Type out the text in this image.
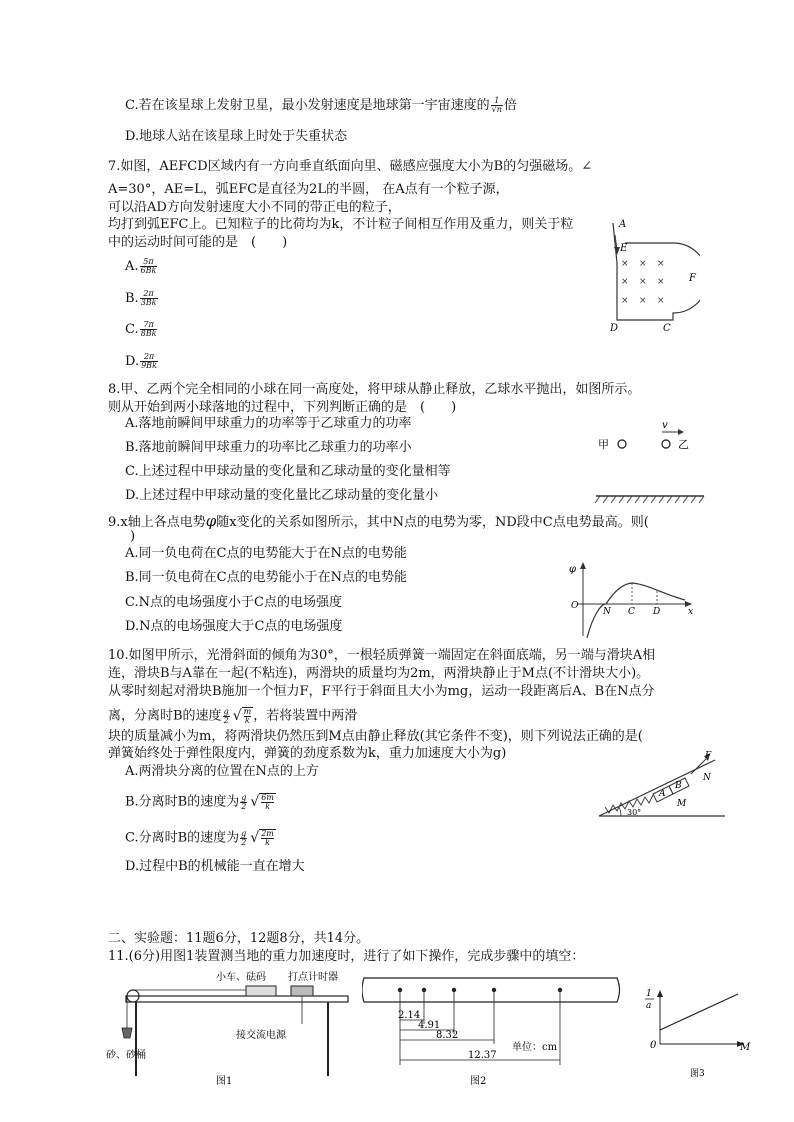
C.若在该星球上发射卫星，最小发射速度是地球第一宇宙速度的 $\frac{1}{√n}$ 倍
D.地球人站在该星球上时处于失重状态
7.如图，AEFCD区域内有一方向垂直纸面向里、磁感应强度大小为B的匀强磁场。∠
A=30°，AE=L，弧EFC是直径为2L的半圆， 在A点有一个粒子源，
可以沿AD方向发射速度大小不同的带正电的粒子，
均打到弧EFC上。已知粒子的比荷均为k，不计粒子间相互作用及重力，则关于粒
中的运动时间可能的是　(　　)
A. $\frac{5\pi}{6Bk}$
B. $\frac{2\pi}{3Bk}$
C. $\frac{7\pi}{8Bk}$
D. $\frac{2\pi}{9Bk}$
A
E
F
D	C
× × ×
× × ×
× × ×
8.甲、乙两个完全相同的小球在同一高度处，将甲球从静止释放，乙球水平抛出，如图所示。
则从开始到两小球落地的过程中，下列判断正确的是　(　　)
A.落地前瞬间甲球重力的功率等于乙球重力的功率
B.落地前瞬间甲球重力的功率比乙球重力的功率小
C.上述过程中甲球动量的变化量和乙球动量的变化量相等
D.上述过程中甲球动量的变化量比乙球动量的变化量小
甲	乙
v
9.x轴上各点电势φ随x变化的关系如图所示，其中N点的电势为零，ND段中C点电势最高。则(
)
A.同一负电荷在C点的电势能大于在N点的电势能
B.同一负电荷在C点的电势能小于在N点的电势能
C.N点的电场强度小于C点的电场强度
D.N点的电场强度大于C点的电场强度
φ
O
N C D	x
10.如图甲所示，光滑斜面的倾角为30°，一根轻质弹簧一端固定在斜面底端，另一端与滑块A相
连，滑块B与A靠在一起(不粘连)，两滑块的质量均为2m，两滑块静止于M点(不计滑块大小)。
从零时刻起对滑块B施加一个恒力F，F平行于斜面且大小为mg，运动一段距离后A、B在N点分
离，分离时B的速度 $\frac{g}{2}$ √ $\frac{m}{k}$ ，若将装置中两滑
块的质量减小为m，将两滑块仍然压到M点由静止释放(其它条件不变)，则下列说法正确的是(
弹簧始终处于弹性限度内，弹簧的劲度系数为k，重力加速度大小为g)
A.两滑块分离的位置在N点的上方
B.分离时B的速度为 $\frac{g}{2}$ √ $\frac{6m}{k}$
C.分离时B的速度为 $\frac{g}{2}$ √ $\frac{2m}{k}$
D.过程中B的机械能一直在增大
A
B
F
N
M
30°
二、实验题：11题6分，12题8分，共14分。
11.(6分)用图1装置测当地的重力加速度时，进行了如下操作，完成步骤中的填空：
小车、砝码 打点计时器
接交流电源
砂、砂桶
图1
2.14
4.91
8.32
12.37
单位：cm
图2
1
a
0	M
图3
